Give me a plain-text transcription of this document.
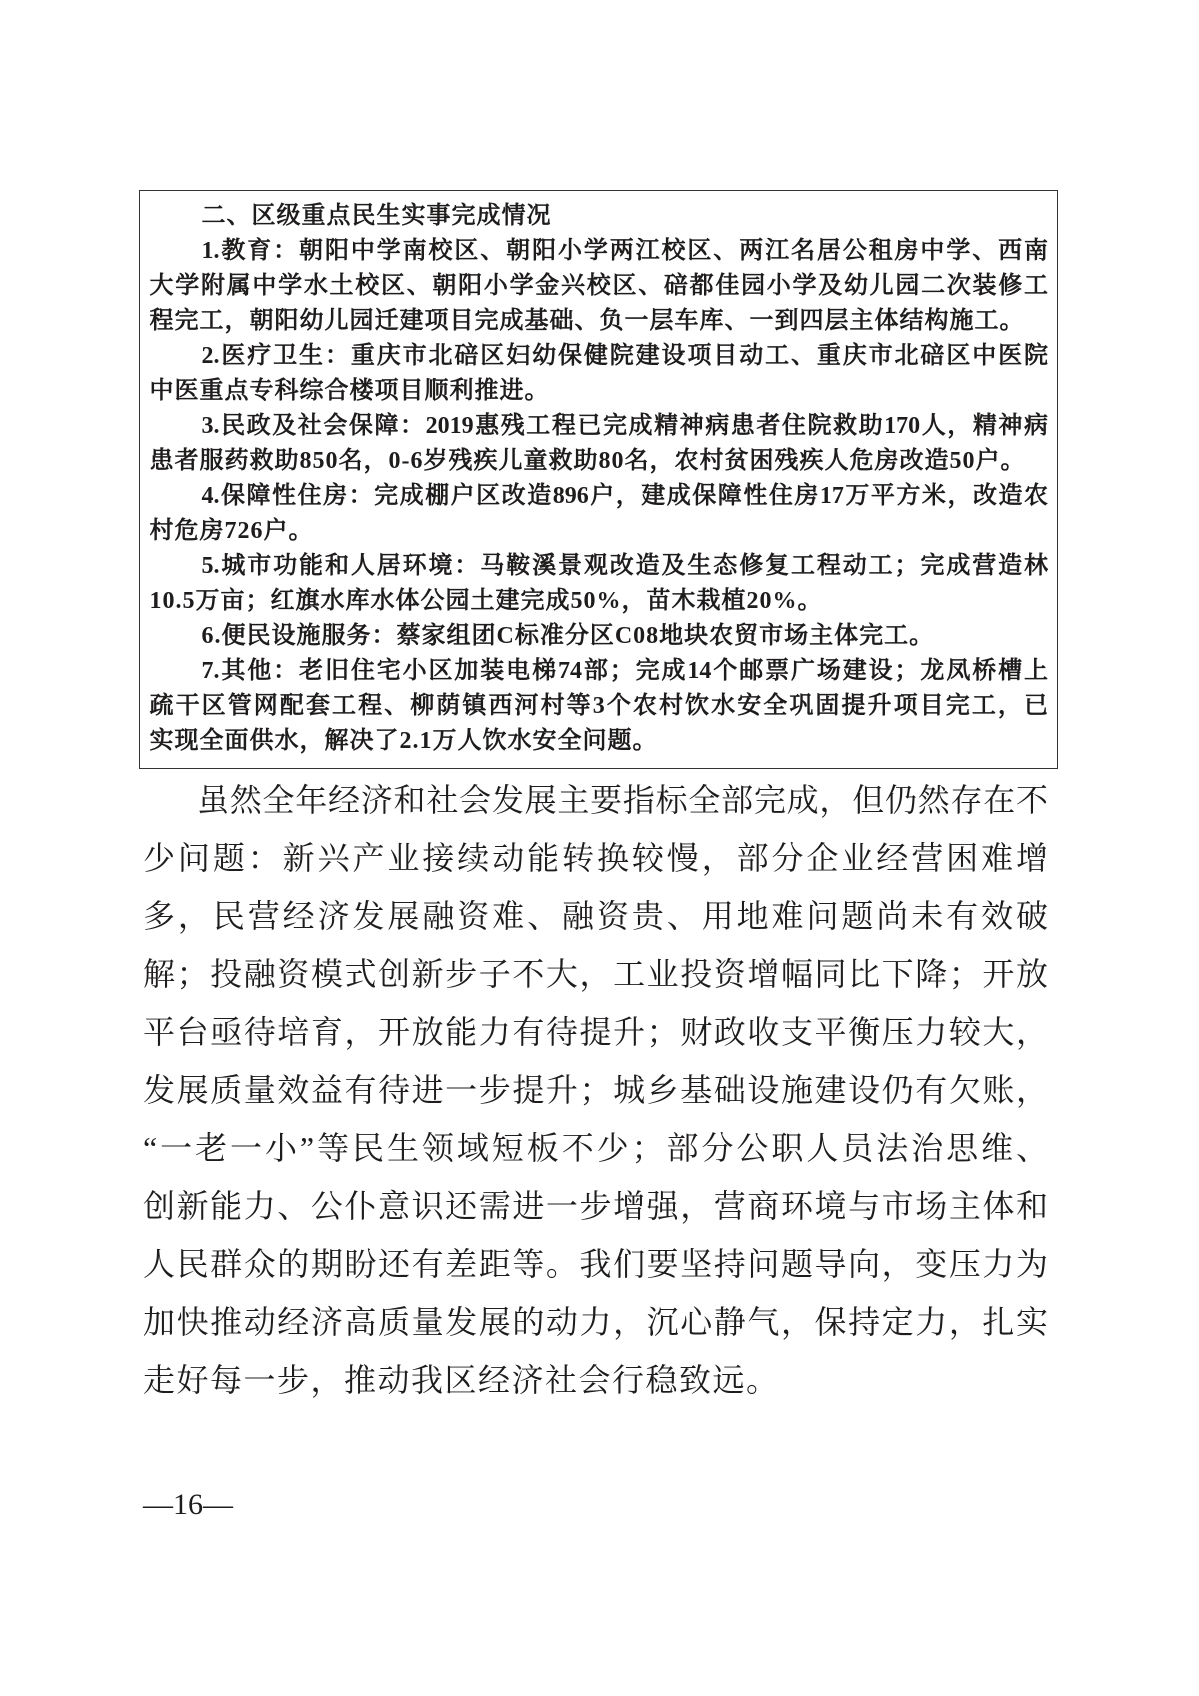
二、区级重点民生实事完成情况
1.教育：朝阳中学南校区、朝阳小学两江校区、两江名居公租房中学、西南
大学附属中学水土校区、朝阳小学金兴校区、碚都佳园小学及幼儿园二次装修工
程完工，朝阳幼儿园迁建项目完成基础、负一层车库、一到四层主体结构施工。
2.医疗卫生：重庆市北碚区妇幼保健院建设项目动工、重庆市北碚区中医院
中医重点专科综合楼项目顺利推进。
3.民政及社会保障：2019惠残工程已完成精神病患者住院救助170人，精神病
患者服药救助850名，0-6岁残疾儿童救助80名，农村贫困残疾人危房改造50户。
4.保障性住房：完成棚户区改造896户，建成保障性住房17万平方米，改造农
村危房726户。
5.城市功能和人居环境：马鞍溪景观改造及生态修复工程动工；完成营造林
10.5万亩；红旗水库水体公园土建完成50%，苗木栽植20%。
6.便民设施服务：蔡家组团C标准分区C08地块农贸市场主体完工。
7.其他：老旧住宅小区加装电梯74部；完成14个邮票广场建设；龙凤桥槽上
疏干区管网配套工程、柳荫镇西河村等3个农村饮水安全巩固提升项目完工，已
实现全面供水，解决了2.1万人饮水安全问题。
虽然全年经济和社会发展主要指标全部完成，但仍然存在不
少问题：新兴产业接续动能转换较慢，部分企业经营困难增
多，民营经济发展融资难、融资贵、用地难问题尚未有效破
解；投融资模式创新步子不大，工业投资增幅同比下降；开放
平台亟待培育，开放能力有待提升；财政收支平衡压力较大，
发展质量效益有待进一步提升；城乡基础设施建设仍有欠账，
“一老一小”等民生领域短板不少；部分公职人员法治思维、
创新能力、公仆意识还需进一步增强，营商环境与市场主体和
人民群众的期盼还有差距等。我们要坚持问题导向，变压力为
加快推动经济高质量发展的动力，沉心静气，保持定力，扎实
走好每一步，推动我区经济社会行稳致远。
—16—
